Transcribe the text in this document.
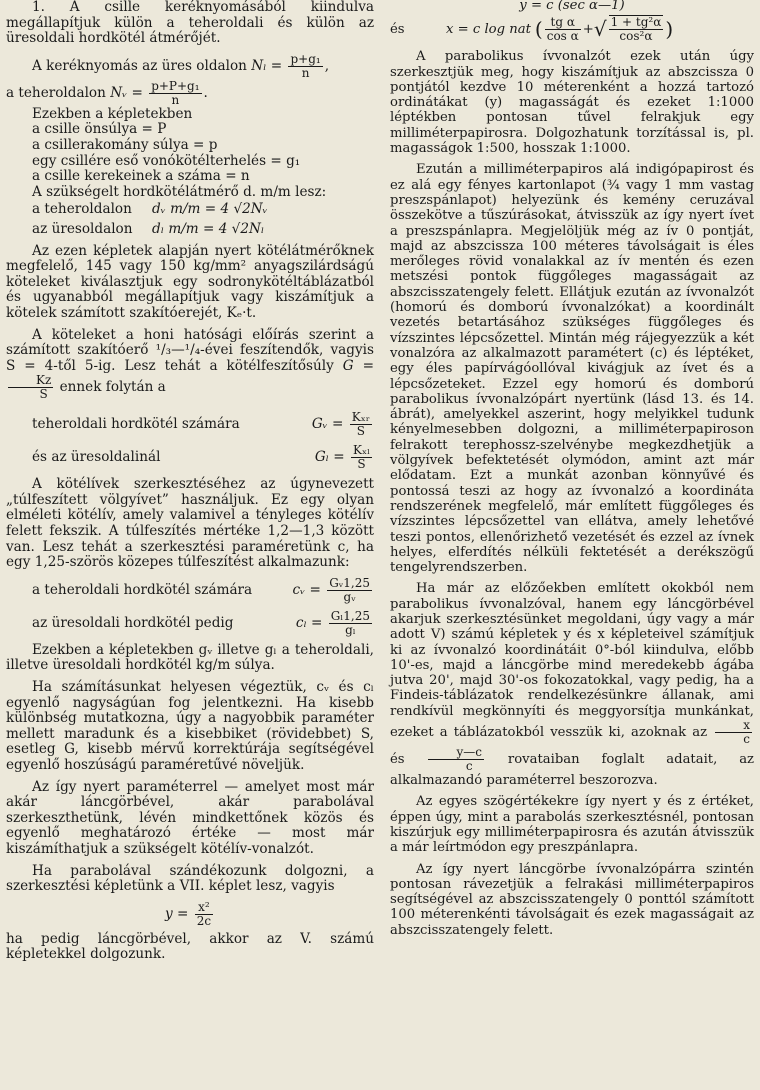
1. A csille keréknyomásából kiindulva megállapítjuk külön a teheroldali és külön az üresoldali hordkötél átmérőjét.

A keréknyomás az üres oldalon $N_l = \frac{\text{p+g₁}}{n}$ ,
a teheroldalon Nᵥ = $\frac{\text{p+P+g₁}}{n}$ .
Ezekben a képletekben
a csille önsúlya = P
a csillerakomány súlya = p
egy csillére eső vonókötélterhelés = g₁
a csille kerekeinek a száma = n
A szükségelt hordkötélátmérő d. m/m lesz:
a teheroldalon	dᵥ m/m = 4 √2Nᵥ
az üresoldalon	dₗ m/m = 4 √2Nₗ

Az ezen képletek alapján nyert kötélátmérőknek megfelelő, 145 vagy 150 kg/mm² anyagszilárdságú köteleket kiválasztjuk egy sodronykötéltáblázatból és ugyanabból megállapítjuk vagy kiszámítjuk a kötelek számított szakítóerejét, Kₑ·t.

A köteleket a honi hatósági előírás szerint a számított szakítóerő ¹/₃—¹/₄-évei feszítendők, vagyis S = 4-től 5-ig. Lesz tehát a kötélfeszítősúly G =
$\frac{Kz}{S}$ ennek folytán a

teheroldali hordkötél számára	Gᵥ = $\frac{\text{Kₓᵣ}}{S}$
és az üresoldalinál	$G_l = \frac{\text{Kₓₗ}}{S}$

A kötélívek szerkesztéséhez az úgynevezett „túlfeszített völgyívet” használjuk. Ez egy olyan elméleti kötélív, amely valamivel a tényleges kötélív felett fekszik. A túlfeszítés mértéke 1,2—1,3 között van. Lesz tehát a szerkesztési paraméretünk c, ha egy 1,25-szörös közepes túlfeszítést alkalmazunk:

a teheroldali hordkötél számára	cᵥ = $\frac{\text{Gᵥ1,25}}{\text{gᵥ}}$
az üresoldali hordkötél pedig	$c_l = \frac{\text{Gₗ1,25}}{\text{gₗ}}$

Ezekben a képletekben gᵥ illetve gₗ a teheroldali, illetve üresoldali hordkötél kg/m súlya.

Ha számításunkat helyesen végeztük, cᵥ és cₗ egyenlő nagyságúan fog jelentkezni. Ha kisebb különbség mutatkozna, úgy a nagyobbik paraméter mellett maradunk és a kisebbiket (rövidebbet) S, esetleg G, kisebb mérvű korrektúrája segítségével egyenlő hoszúságú paraméretűvé növeljük.

Az így nyert paraméterrel — amelyet most már akár láncgörbével, akár parabolával szerkeszthetünk, lévén mindkettőnek közös és egyenlő meghatározó értéke — most már kiszámíthatjuk a szükségelt kötélív-vonalzót.

Ha parabolával szándékozunk dolgozni, a szerkesztési képletünk a VII. képlet lesz, vagyis

$y = \frac{\text{x²}}{2c}$

ha pedig láncgörbével, akkor az V. számú képletekkel dolgozunk.

y = c (sec α—1)
és	x = c log nat ( $\frac{\text{tg α}}{\text{cos α}}$ + √ $\frac{\text{1 + tg²α}}{\text{cos²α}}$ )

A parabolikus ívvonalzót ezek után úgy szerkesztjük meg, hogy kiszámítjuk az abszcissza 0 pontjától kezdve 10 méterenként a hozzá tartozó ordinátákat (y) magasságát és ezeket 1:1000 léptékben pontosan tűvel felrakjuk egy milliméterpapirosra. Dolgozhatunk torzítással is, pl. magasságok 1:500, hosszak 1:1000.

Ezután a milliméterpapiros alá indigópapirost és ez alá egy fényes kartonlapot (¾ vagy 1 mm vastag preszspánlapot) helyezünk és kemény ceruzával összekötve a tűszúrásokat, átvisszük az így nyert ívet a preszspánlapra. Megjelöljük még az ív 0 pontját, majd az abszcissza 100 méteres távolságait is éles merőleges rövid vonalakkal az ív mentén és ezen metszési pontok függőleges magasságait az abszcisszatengely felett. Ellátjuk ezután az ívvonalzót (homorú és domború ívvonalzókat) a koordinált vezetés betartásához szükséges függőleges és vízszintes lépcsőzettel. Mintán még rájegyezzük a két vonalzóra az alkalmazott paramétert (c) és léptéket, egy éles papírvágóollóval kivágjuk az ívet és a lépcsőzeteket. Ezzel egy homorú és domború parabolikus ívvonalzópárt nyertünk (lásd 13. és 14. ábrát), amelyekkel aszerint, hogy melyikkel tudunk kényelmesebben dolgozni, a milliméterpapiroson felrakott terephossz-szelvénybe megkezdhetjük a völgyívek befektetését olymódon, amint azt már elődatam. Ezt a munkát azonban könnyűvé és pontossá teszi az hogy az ívvonalzó a koordináta rendszerének megfelelő, már említett függőleges és vízszintes lépcsőzettel van ellátva, amely lehetővé teszi pontos, ellenőrizhető vezetését és ezzel az ívnek helyes, elferdítés nélküli fektetését a derékszögű tengelyrendszerben.

Ha már az előzőekben említett okokból nem parabolikus ívvonalzóval, hanem egy láncgörbével akarjuk szerkesztésünket megoldani, úgy vagy a már adott V) számú képletek y és x képleteivel számítjuk ki az ívvonalzó koordinátáit 0°-ból kiindulva, előbb 10'-es, majd a láncgörbe mind meredekebb ágába jutva 20', majd 30'-os fokozatokkal, vagy pedig, ha a Findeis-táblázatok rendelkezésünkre állanak, ami rendkívül megkönnyíti és meggyorsítja munkánkat, ezeket a táblázatokból vesszük ki, azoknak az $\frac{x}{c}$
és $\frac{y—c}{c}$ rovataiban foglalt adatait, az alkalmazandó paraméterrel beszorozva.

Az egyes szögértékekre így nyert y és z értéket, éppen úgy, mint a parabolás szerkesztésnél, pontosan kiszúrjuk egy milliméterpapirosra és azután átvisszük a már leírtmódon egy preszpánlapra.

Az így nyert láncgörbe ívvonalzópárra szintén pontosan rávezetjük a felrakási milliméterpapiros segítségével az abszcisszatengely 0 ponttól számított 100 méterenkénti távolságait és ezek magasságait az abszcisszatengely felett.
